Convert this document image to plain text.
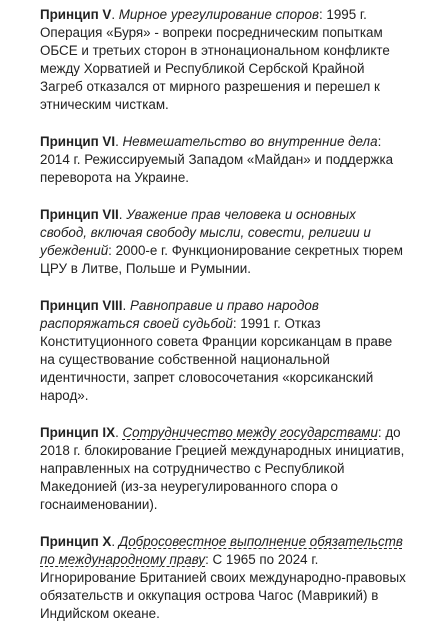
Принцип V. Мирное урегулирование споров: 1995 г. Операция «Буря» - вопреки посредническим попыткам ОБСЕ и третьих сторон в этнонациональном конфликте между Хорватией и Республикой Сербской Крайной Загреб отказался от мирного разрешения и перешел к этническим чисткам.

Принцип VI. Невмешательство во внутренние дела: 2014 г. Режиссируемый Западом «Майдан» и поддержка переворота на Украине.

Принцип VII. Уважение прав человека и основных свобод, включая свободу мысли, совести, религии и убеждений: 2000-е г. Функционирование секретных тюрем ЦРУ в Литве, Польше и Румынии.

Принцип VIII. Равноправие и право народов распоряжаться своей судьбой: 1991 г. Отказ Конституционного совета Франции корсиканцам в праве на существование собственной национальной идентичности, запрет словосочетания «корсиканский народ».

Принцип IX. Сотрудничество между государствами: до 2018 г. блокирование Грецией международных инициатив, направленных на сотрудничество с Республикой Македонией (из-за неурегулированного спора о госнаименовании).

Принцип X. Добросовестное выполнение обязательств по международному праву: С 1965 по 2024 г. Игнорирование Британией своих международно-правовых обязательств и оккупация острова Чагос (Маврикий) в Индийском океане.
